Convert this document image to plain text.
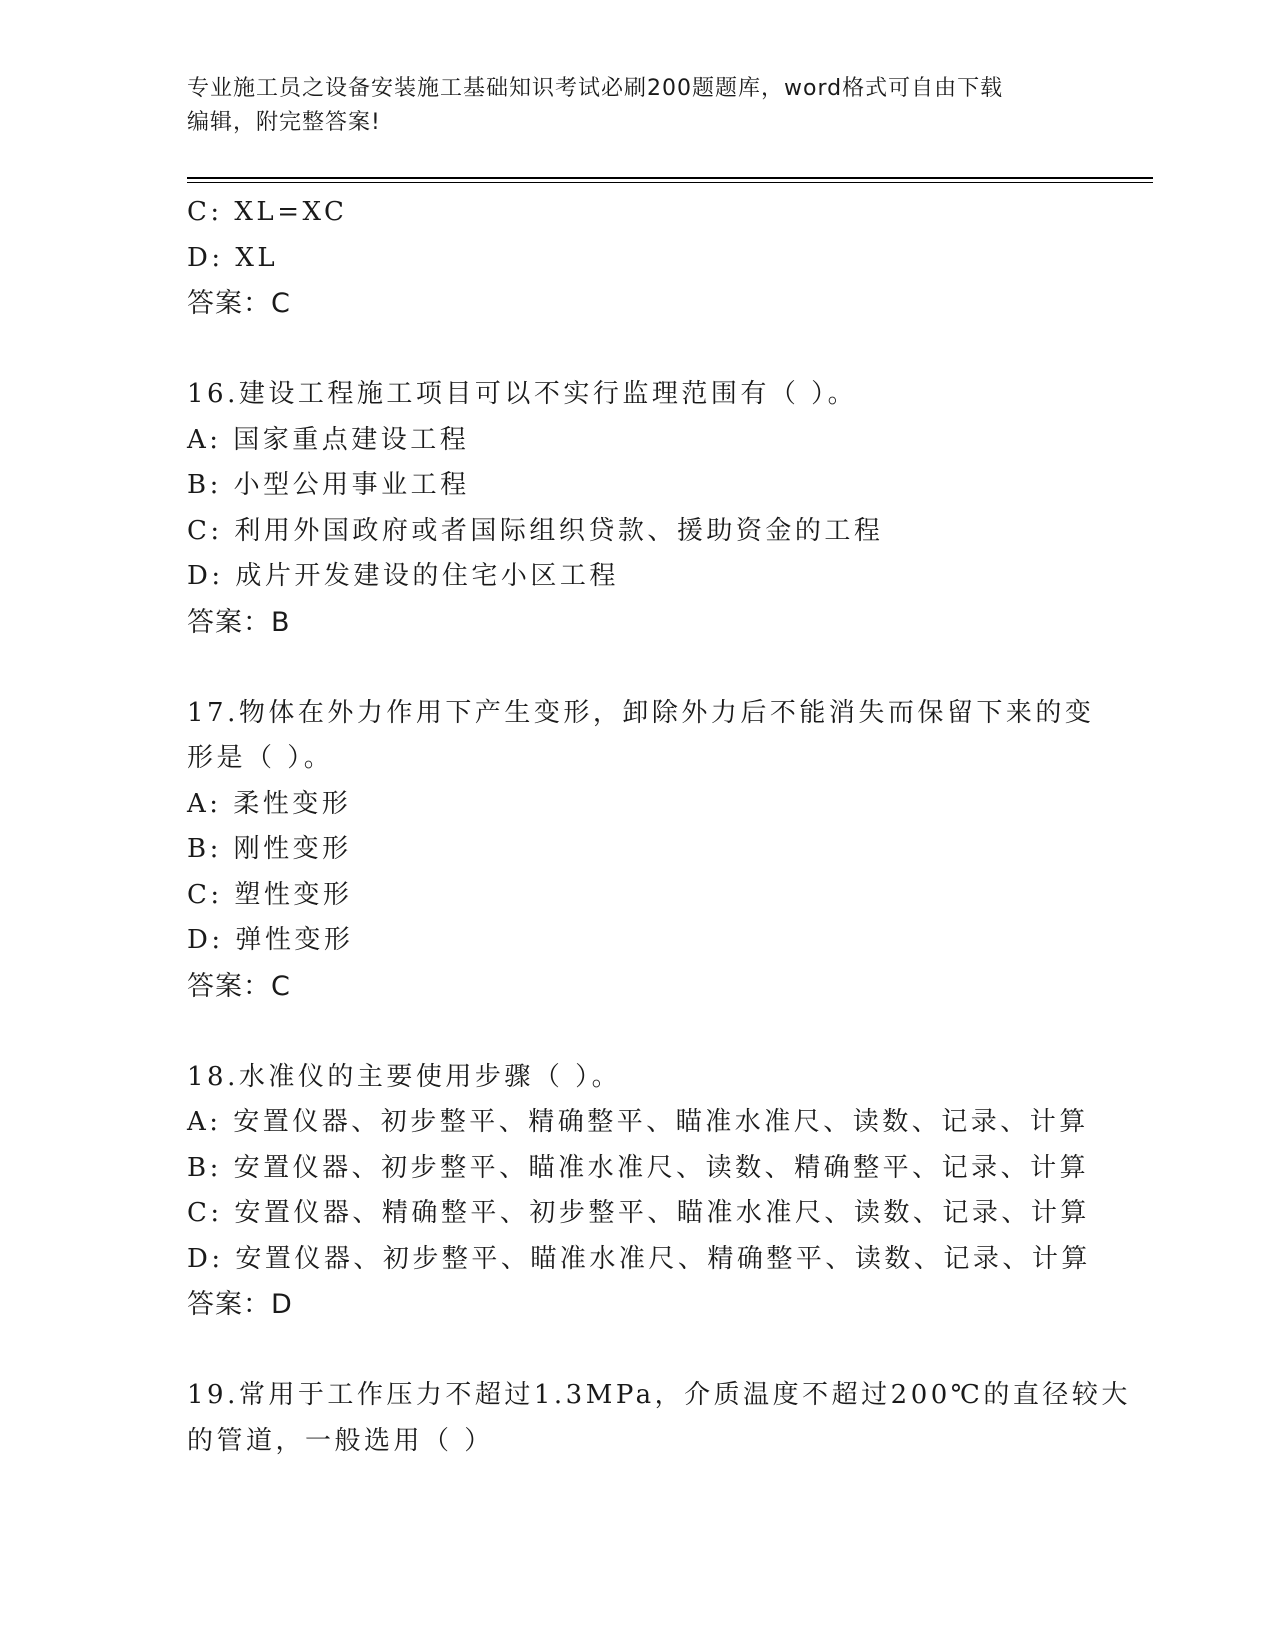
专业施工员之设备安装施工基础知识考试必刷200题题库，word格式可自由下载
编辑，附完整答案!
C: XL=XC
D: XL
答案：C
16.建设工程施工项目可以不实行监理范围有（ ）。
A: 国家重点建设工程
B: 小型公用事业工程
C: 利用外国政府或者国际组织贷款、援助资金的工程
D: 成片开发建设的住宅小区工程
答案：B
17.物体在外力作用下产生变形，卸除外力后不能消失而保留下来的变
形是（ ）。
A: 柔性变形
B: 刚性变形
C: 塑性变形
D: 弹性变形
答案：C
18.水准仪的主要使用步骤（ ）。
A: 安置仪器、初步整平、精确整平、瞄准水准尺、读数、记录、计算
B: 安置仪器、初步整平、瞄准水准尺、读数、精确整平、记录、计算
C: 安置仪器、精确整平、初步整平、瞄准水准尺、读数、记录、计算
D: 安置仪器、初步整平、瞄准水准尺、精确整平、读数、记录、计算
答案：D
19.常用于工作压力不超过1.3MPa，介质温度不超过200℃的直径较大
的管道，一般选用（ ）
